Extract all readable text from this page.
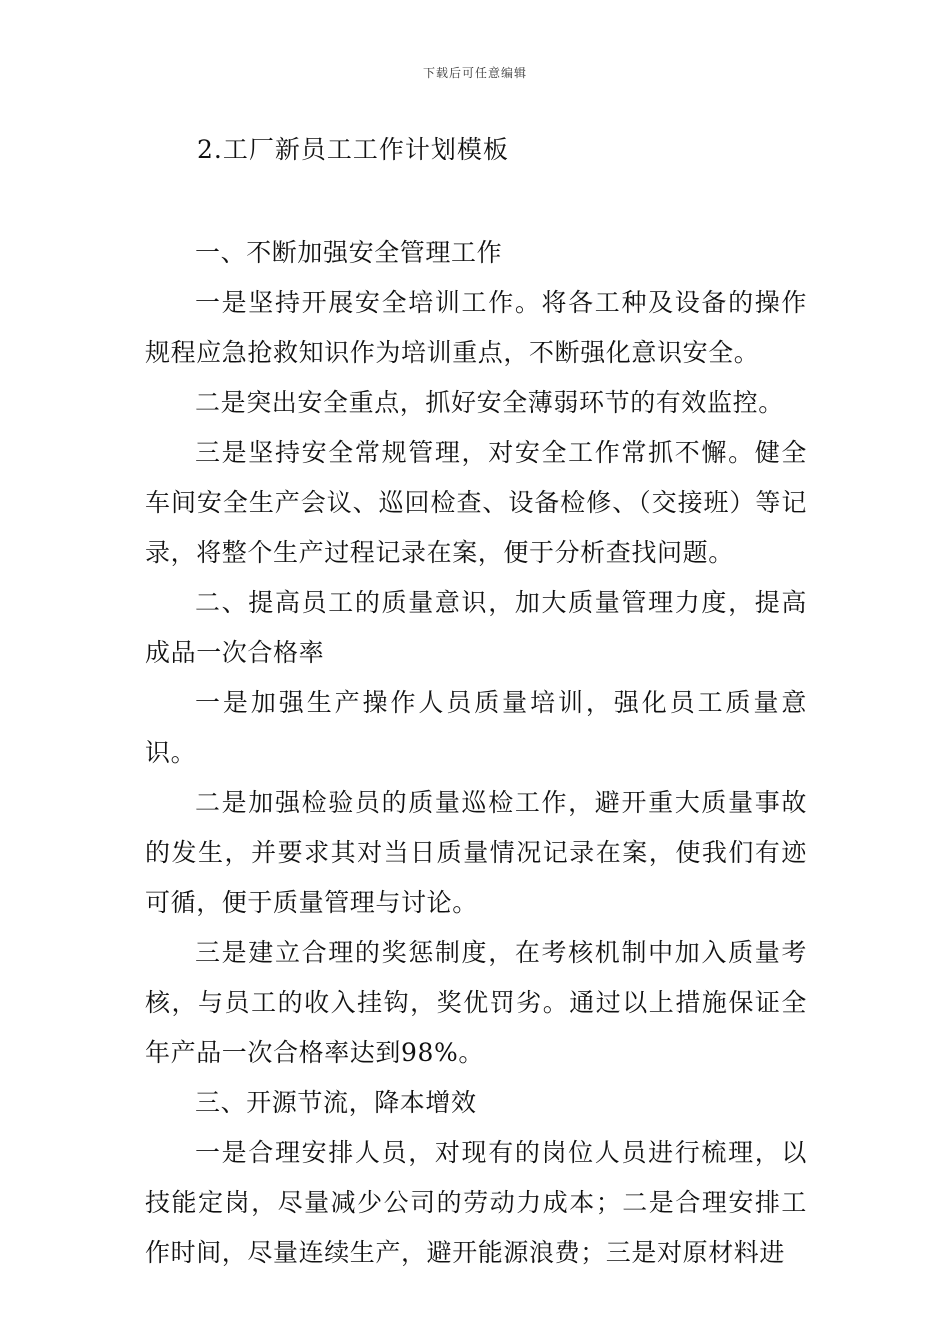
下载后可任意编辑
2.工厂新员工工作计划模板

一、不断加强安全管理工作

一是坚持开展安全培训工作。将各工种及设备的操作规程应急抢救知识作为培训重点，不断强化意识安全。

二是突出安全重点，抓好安全薄弱环节的有效监控。

三是坚持安全常规管理，对安全工作常抓不懈。健全车间安全生产会议、巡回检查、设备检修、（交接班）等记录，将整个生产过程记录在案，便于分析查找问题。

二、提高员工的质量意识，加大质量管理力度，提高成品一次合格率

一是加强生产操作人员质量培训，强化员工质量意识。

二是加强检验员的质量巡检工作，避开重大质量事故的发生，并要求其对当日质量情况记录在案，使我们有迹可循，便于质量管理与讨论。

三是建立合理的奖惩制度，在考核机制中加入质量考核，与员工的收入挂钩，奖优罚劣。通过以上措施保证全年产品一次合格率达到98%。

三、开源节流，降本增效

一是合理安排人员，对现有的岗位人员进行梳理，以技能定岗，尽量减少公司的劳动力成本；二是合理安排工作时间，尽量连续生产，避开能源浪费；三是对原材料进
